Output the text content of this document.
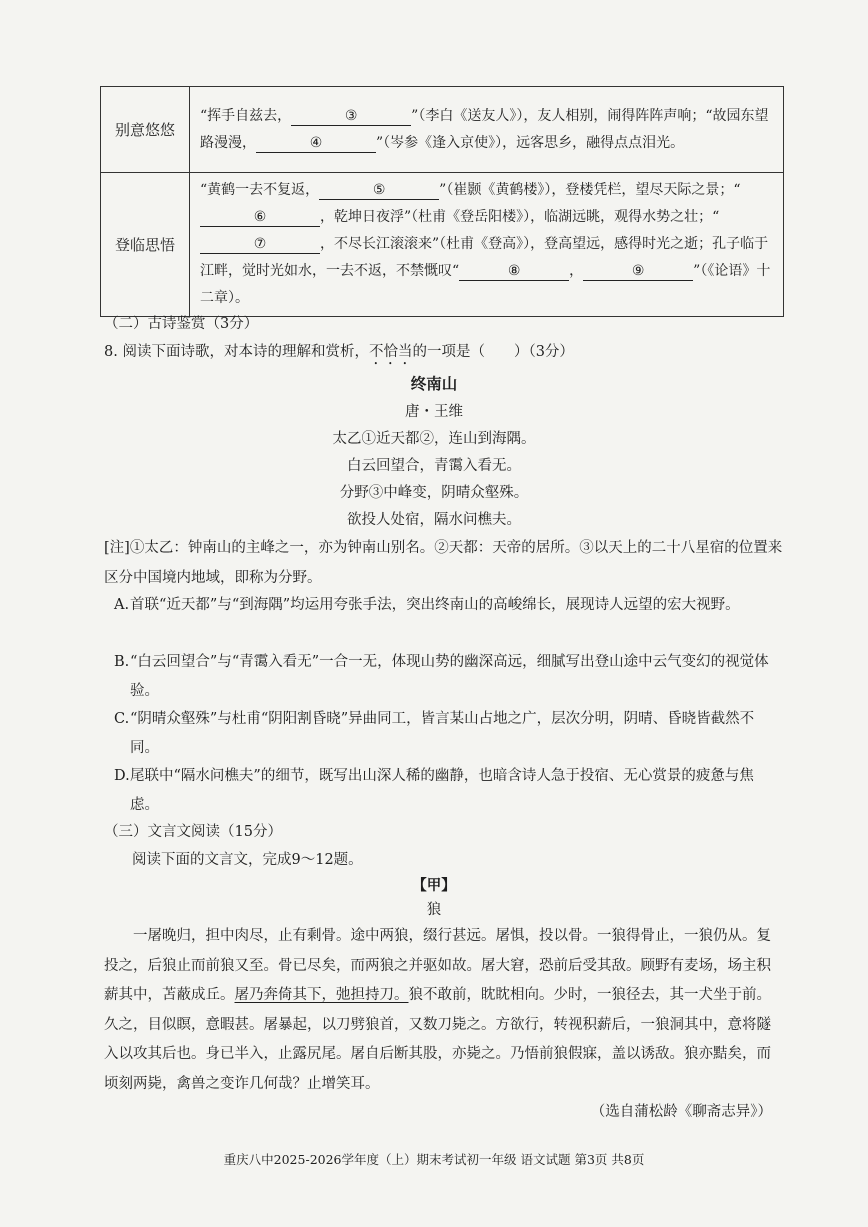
别意悠悠	“挥手自兹去， ③ ”（李白《送友人》），友人相别，闹得阵阵声响；“故园东望路漫漫， ④ ”（岑参《逢入京使》），远客思乡，融得点点泪光。
登临思悟	“黄鹤一去不复返， ⑤ ”（崔颢《黄鹤楼》），登楼凭栏，望尽天际之景；“⑥ ，乾坤日夜浮”（杜甫《登岳阳楼》），临湖远眺，观得水势之壮；“⑦ ，不尽长江滚滚来”（杜甫《登高》），登高望远，感得时光之逝；孔子临于江畔，觉时光如水，一去不返，不禁慨叹“ ⑧ ， ⑨ ”（《论语》十二章）。
（二）古诗鉴赏（3分）
8. 阅读下面诗歌，对本诗的理解和赏析，不恰当的一项是（　　）（3分）
终南山
唐・王维
太乙①近天都②，连山到海隅。
白云回望合，青霭入看无。
分野③中峰变，阴晴众壑殊。
欲投人处宿，隔水问樵夫。
[注]①太乙：钟南山的主峰之一，亦为钟南山别名。②天都：天帝的居所。③以天上的二十八星宿的位置来区分中国境内地域，即称为分野。
A.首联“近天都”与“到海隅”均运用夸张手法，突出终南山的高峻绵长，展现诗人远望的宏大视野。
B.“白云回望合”与“青霭入看无”一合一无，体现山势的幽深高远，细腻写出登山途中云气变幻的视觉体验。
C.“阴晴众壑殊”与杜甫“阴阳割昏晓”异曲同工，皆言某山占地之广，层次分明，阴晴、昏晓皆截然不同。
D.尾联中“隔水问樵夫”的细节，既写出山深人稀的幽静，也暗含诗人急于投宿、无心赏景的疲惫与焦虑。
（三）文言文阅读（15分）
阅读下面的文言文，完成9～12题。
【甲】
狼
一屠晚归，担中肉尽，止有剩骨。途中两狼，缀行甚远。屠惧，投以骨。一狼得骨止，一狼仍从。复投之，后狼止而前狼又至。骨已尽矣，而两狼之并驱如故。屠大窘，恐前后受其敌。顾野有麦场，场主积薪其中，苫蔽成丘。屠乃奔倚其下，弛担持刀。狼不敢前，眈眈相向。少时，一狼径去，其一犬坐于前。久之，目似瞑，意暇甚。屠暴起，以刀劈狼首，又数刀毙之。方欲行，转视积薪后，一狼洞其中，意将隧入以攻其后也。身已半入，止露尻尾。屠自后断其股，亦毙之。乃悟前狼假寐，盖以诱敌。狼亦黠矣，而顷刻两毙，禽兽之变诈几何哉？止增笑耳。
（选自蒲松龄《聊斋志异》）
重庆八中2025-2026学年度（上）期末考试初一年级 语文试题 第3页 共8页
